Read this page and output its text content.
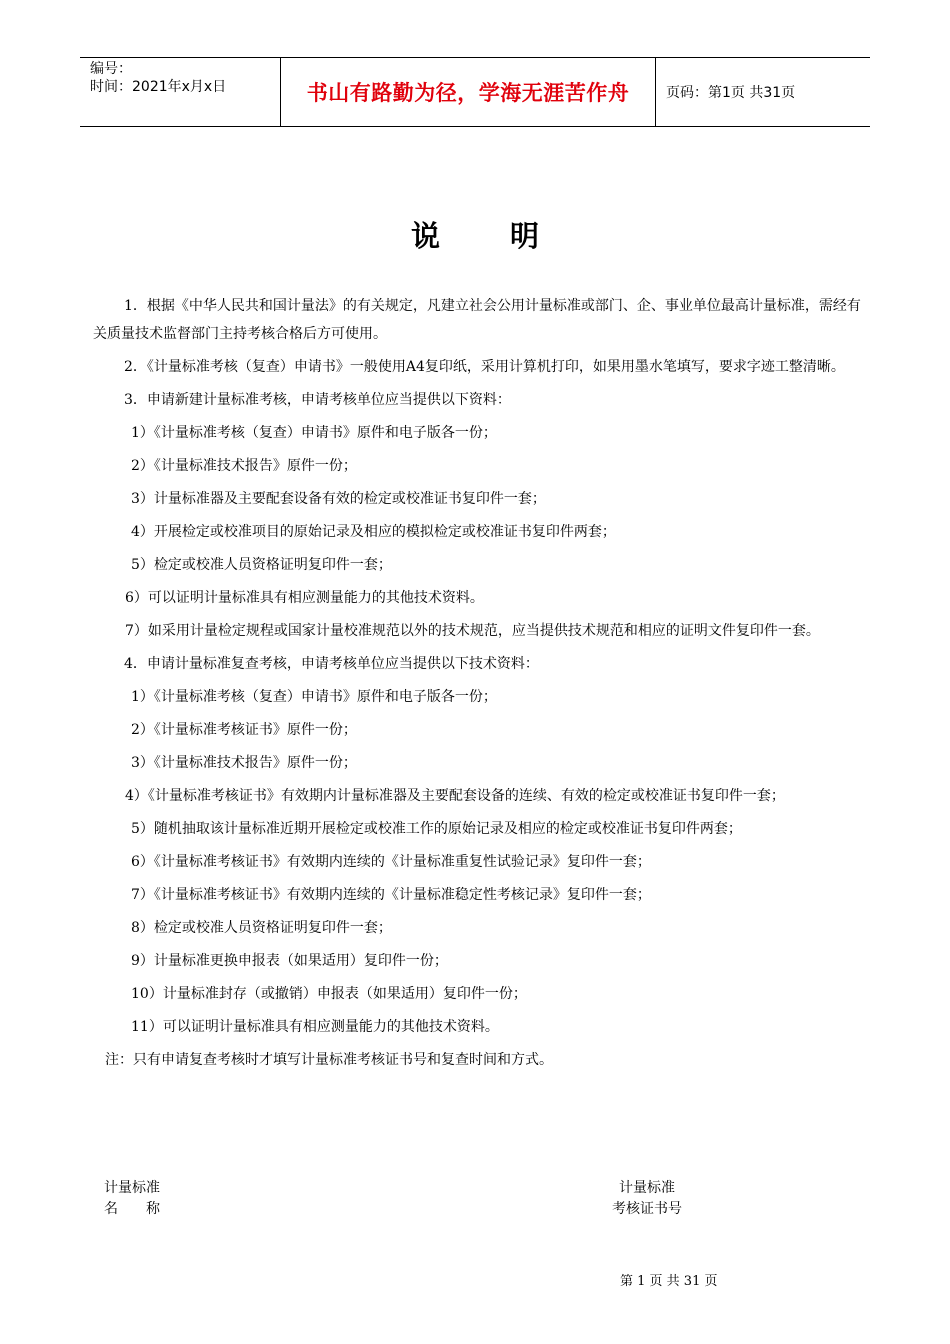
编号：
时间：2021年x月x日	书山有路勤为径，学海无涯苦作舟	页码：第1页 共31页
说明

1．根据《中华人民共和国计量法》的有关规定，凡建立社会公用计量标准或部门、企、事业单位最高计量标准，需经有关质量技术监督部门主持考核合格后方可使用。

2．《计量标准考核（复查）申请书》一般使用A4复印纸，采用计算机打印，如果用墨水笔填写，要求字迹工整清晰。

3．申请新建计量标准考核，申请考核单位应当提供以下资料：

1）《计量标准考核（复查）申请书》原件和电子版各一份；

2）《计量标准技术报告》原件一份；

3）计量标准器及主要配套设备有效的检定或校准证书复印件一套；

4）开展检定或校准项目的原始记录及相应的模拟检定或校准证书复印件两套；

5）检定或校准人员资格证明复印件一套；

6）可以证明计量标准具有相应测量能力的其他技术资料。

7）如采用计量检定规程或国家计量校准规范以外的技术规范，应当提供技术规范和相应的证明文件复印件一套。

4．申请计量标准复查考核，申请考核单位应当提供以下技术资料：

1）《计量标准考核（复查）申请书》原件和电子版各一份；

2）《计量标准考核证书》原件一份；

3）《计量标准技术报告》原件一份；

4）《计量标准考核证书》有效期内计量标准器及主要配套设备的连续、有效的检定或校准证书复印件一套；

5）随机抽取该计量标准近期开展检定或校准工作的原始记录及相应的检定或校准证书复印件两套；

6）《计量标准考核证书》有效期内连续的《计量标准重复性试验记录》复印件一套；

7）《计量标准考核证书》有效期内连续的《计量标准稳定性考核记录》复印件一套；

8）检定或校准人员资格证明复印件一套；

9）计量标准更换申报表（如果适用）复印件一份；

10）计量标准封存（或撤销）申报表（如果适用）复印件一份；

11）可以证明计量标准具有相应测量能力的其他技术资料。

注：只有申请复查考核时才填写计量标准考核证书号和复查时间和方式。

计量标准
名　　称
计量标准
考核证书号
第 1 页 共 31 页
